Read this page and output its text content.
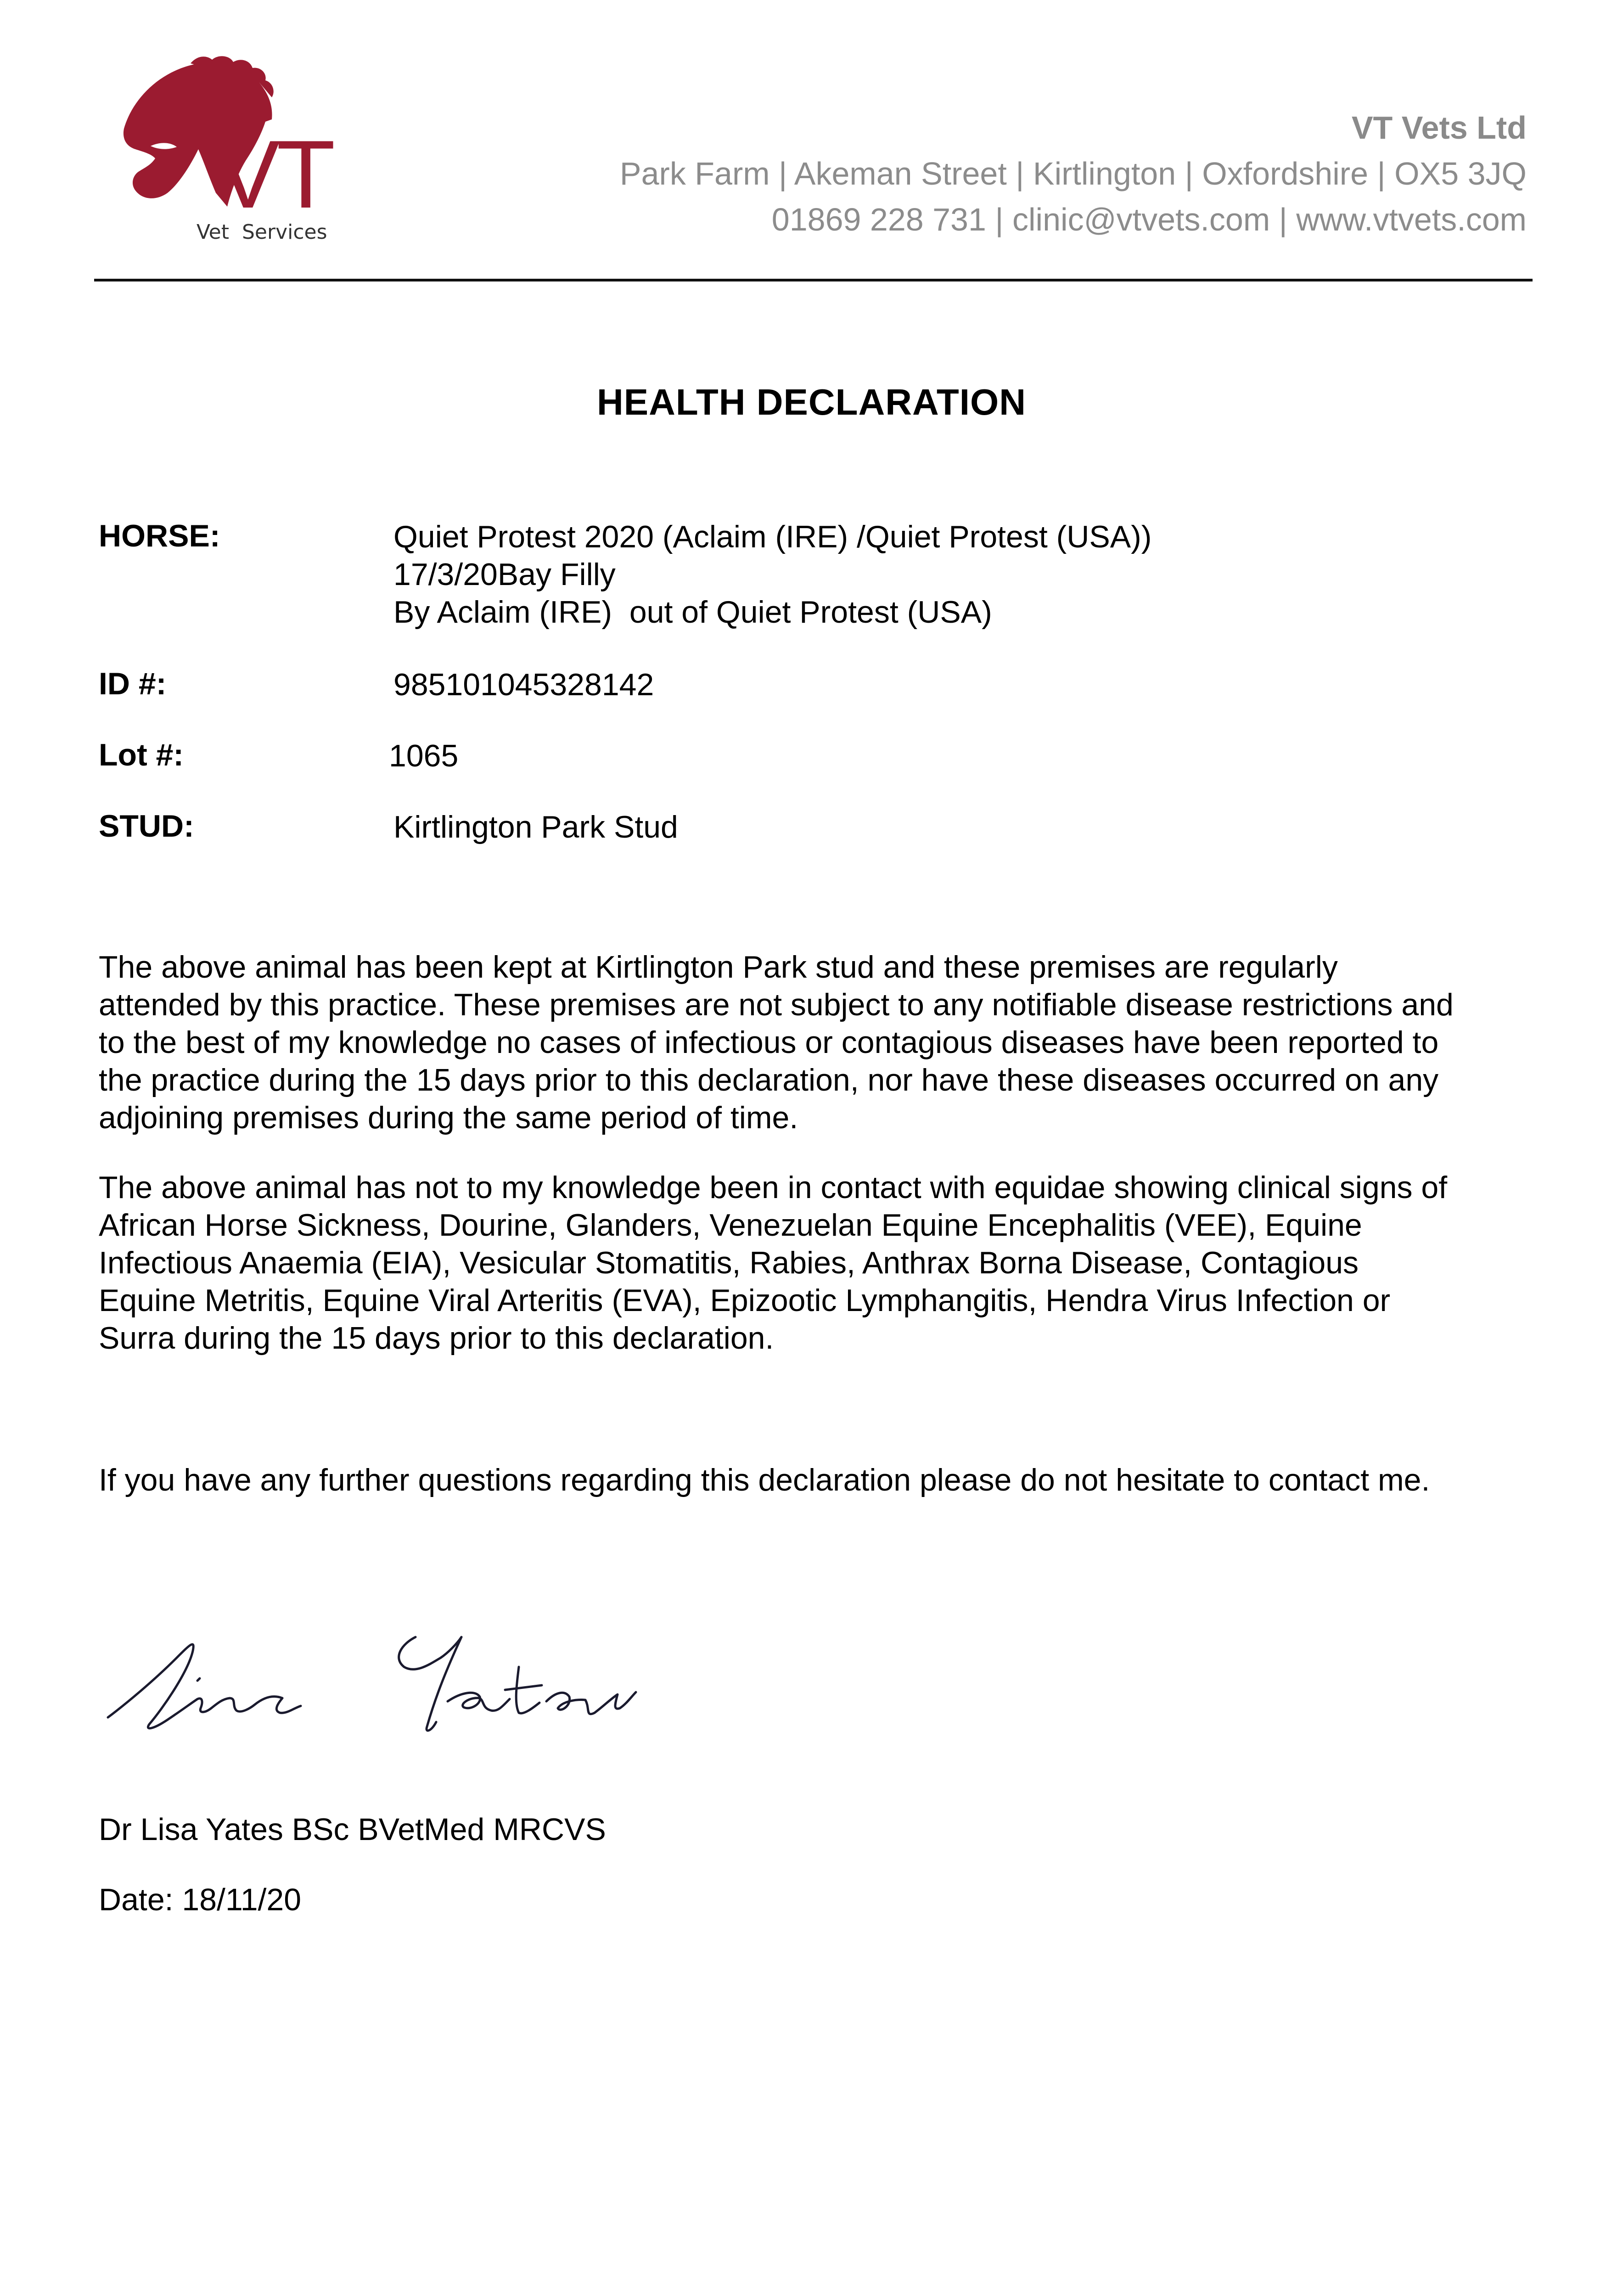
VT
Vet  Services
VT Vets Ltd
Park Farm | Akeman Street | Kirtlington | Oxfordshire | OX5 3JQ
01869 228 731 | clinic@vtvets.com | www.vtvets.com
HEALTH DECLARATION
HORSE:	Quiet Protest 2020 (Aclaim (IRE) /Quiet Protest (USA))
17/3/20Bay Filly
By Aclaim (IRE)  out of Quiet Protest (USA)
ID #:	985101045328142
Lot #:	1065
STUD:	Kirtlington Park Stud
The above animal has been kept at Kirtlington Park stud and these premises are regularly
attended by this practice. These premises are not subject to any notifiable disease restrictions and
to the best of my knowledge no cases of infectious or contagious diseases have been reported to
the practice during the 15 days prior to this declaration, nor have these diseases occurred on any
adjoining premises during the same period of time.
The above animal has not to my knowledge been in contact with equidae showing clinical signs of
African Horse Sickness, Dourine, Glanders, Venezuelan Equine Encephalitis (VEE), Equine
Infectious Anaemia (EIA), Vesicular Stomatitis, Rabies, Anthrax Borna Disease, Contagious
Equine Metritis, Equine Viral Arteritis (EVA), Epizootic Lymphangitis, Hendra Virus Infection or
Surra during the 15 days prior to this declaration.
If you have any further questions regarding this declaration please do not hesitate to contact me.
Dr Lisa Yates BSc BVetMed MRCVS
Date: 18/11/20
